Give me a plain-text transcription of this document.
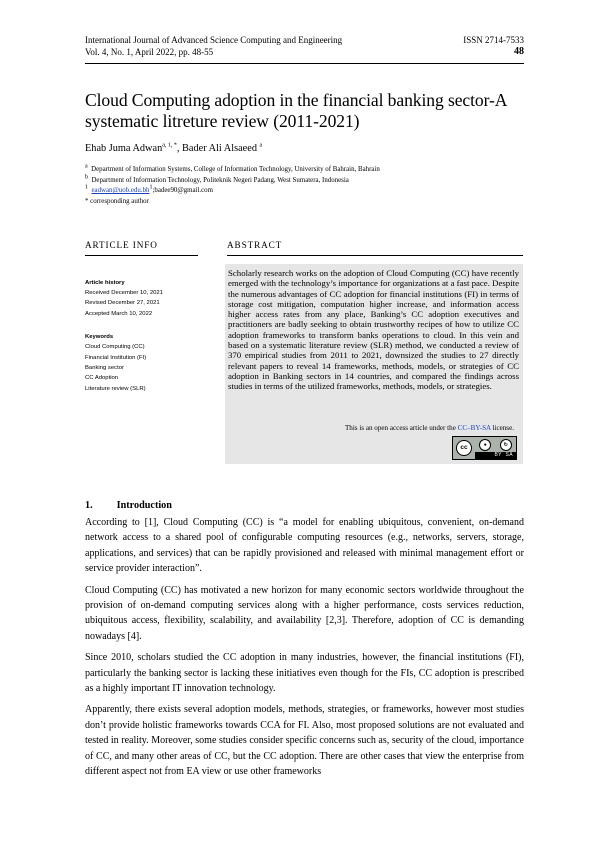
International Journal of Advanced Science Computing and Engineering	ISSN 2714-7533
Vol. 4, No. 1, April 2022, pp. 48-55	48
Cloud Computing adoption in the financial banking sector-A systematic litreture review (2011-2021)
Ehab Juma Adwan$^{a, 1, *}$, Bader Ali Alsaeed $^a$
$^a$ Department of Information Systems, College of Information Technology, University of Bahrain, Bahrain
$^b$ Department of Information Technology, Politeknik Negeri Padang, West Sumatera, Indonesia
$^1$ $eadwan@uob.edu.bh^1;badee90@gmail.com$
* corresponding author
ARTICLE INFO	ABSTRACT
Article history
Received December 10, 2021
Revised December 27, 2021
Accepted March 10, 2022
Keywords
Cloud Computing (CC)
Financial Institution (FI)
Banking sector
CC Adoption
Literature review (SLR)
Scholarly research works on the adoption of Cloud Computing (CC) have recently emerged with the technology’s importance for organizations at a fast pace. Despite the numerous advantages of CC adoption for financial institutions (FI) in terms of storage cost mitigation, computation higher increase, and information access higher access rates from any place, Banking’s CC adoption executives and practitioners are badly seeking to obtain trustworthy recipes of how to utilize CC adoption frameworks to transform banks operations to cloud. In this vein and based on a systematic literature review (SLR) method, we conducted a review of 370 empirical studies from 2011 to 2021, downsized the studies to 27 directly relevant papers to reveal 14 frameworks, methods, models, or strategies of CC adoption in Banking sectors in 14 countries, and compared the findings across studies in terms of the utilized frameworks, methods, models, or strategies.
This is an open access article under the CC–BY-SA license.
cc	●	↻
BY SA
1. Introduction

According to [1], Cloud Computing (CC) is “a model for enabling ubiquitous, convenient, on-demand network access to a shared pool of configurable computing resources (e.g., networks, servers, storage, applications, and services) that can be rapidly provisioned and released with minimal management effort or service provider interaction”.

Cloud Computing (CC) has motivated a new horizon for many economic sectors worldwide throughout the provision of on-demand computing services along with a higher performance, costs services reduction, ubiquitous access, flexibility, scalability, and availability [2,3]. Therefore, adoption of CC is demanding nowadays [4].

Since 2010, scholars studied the CC adoption in many industries, however, the financial institutions (FI), particularly the banking sector is lacking these initiatives even though for the FIs, CC adoption is prescribed as a highly important IT innovation technology.

Apparently, there exists several adoption models, methods, strategies, or frameworks, however most studies don’t provide holistic frameworks towards CCA for FI. Also, most proposed solutions are not evaluated and tested in reality. Moreover, some studies consider specific concerns such as, security of the cloud, importance of CC, and many other areas of CC, but the CC adoption. There are other cases that view the enterprise from different aspect not from EA view or use other frameworks
